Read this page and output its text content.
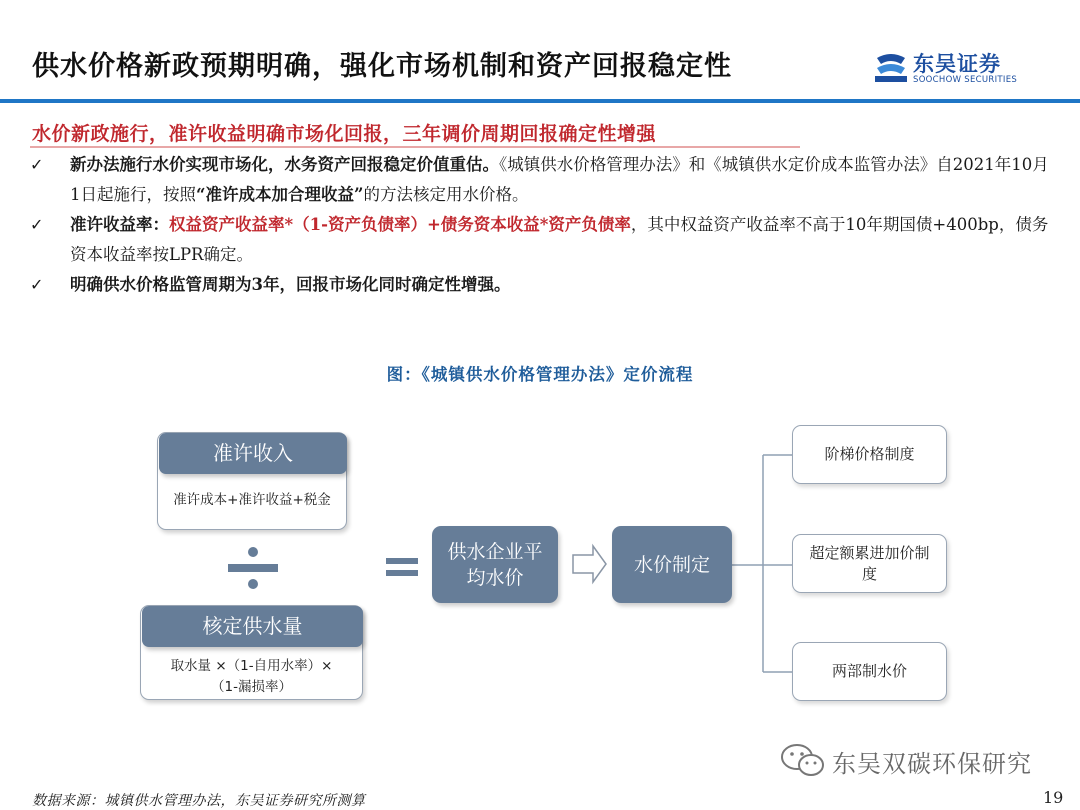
供水价格新政预期明确，强化市场机制和资产回报稳定性	东吴证券
SOOCHOW SECURITIES
水价新政施行，准许收益明确市场化回报，三年调价周期回报确定性增强
✓ 新办法施行水价实现市场化，水务资产回报稳定价值重估。《城镇供水价格管理办法》和《城镇供水定价成本监管办法》自2021年10月1日起施行，按照“准许成本加合理收益”的方法核定用水价格。
✓ 准许收益率：权益资产收益率*（1-资产负债率）+债务资本收益*资产负债率，其中权益资产收益率不高于10年期国债+400bp，债务资本收益率按LPR确定。
✓ 明确供水价格监管周期为3年，回报市场化同时确定性增强。
图：《城镇供水价格管理办法》定价流程
准许收入
准许成本+准许收益+税金
核定供水量
取水量 ×（1-自用水率）×（1-漏损率）
供水企业平均水价
水价制定
阶梯价格制度
超定额累进加价制度
两部制水价
东吴双碳环保研究
数据来源：城镇供水管理办法，东吴证券研究所测算	19
